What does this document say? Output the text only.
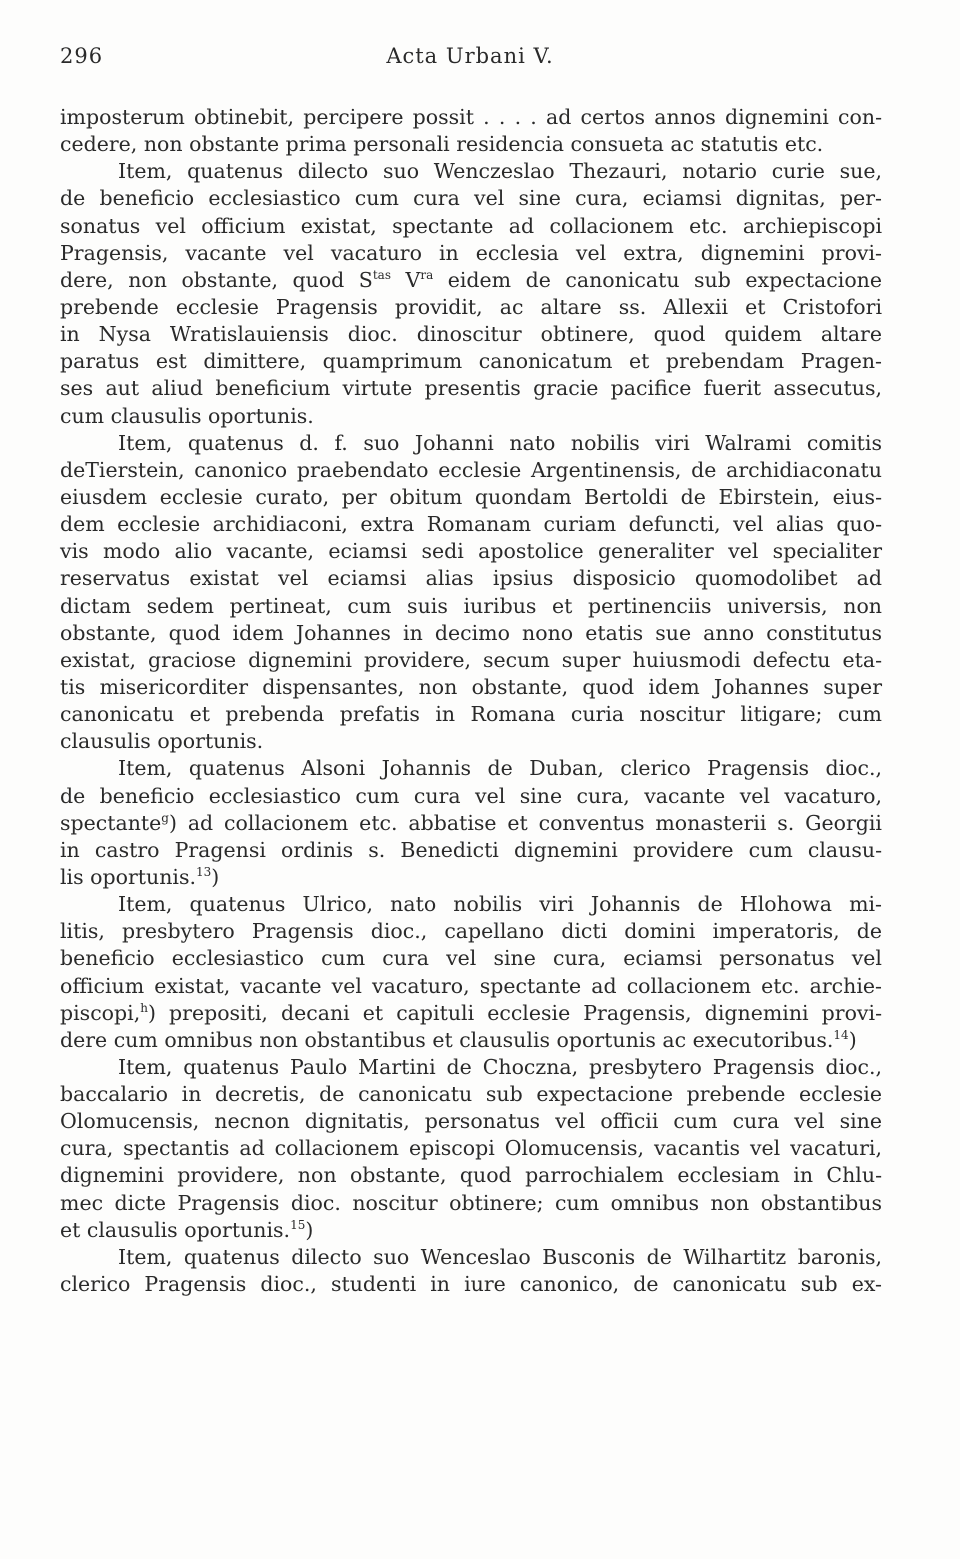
296	Acta Urbani V.
imposterum obtinebit, percipere possit . . . . ad certos annos dignemini con-
cedere, non obstante prima personali residencia consueta ac statutis etc.
Item, quatenus dilecto suo Wenczeslao Thezauri, notario curie sue,
de beneficio ecclesiastico cum cura vel sine cura, eciamsi dignitas, per-
sonatus vel officium existat, spectante ad collacionem etc. archiepiscopi
Pragensis, vacante vel vacaturo in ecclesia vel extra, dignemini provi-
dere, non obstante, quod $S^{tas}$ $V^{ra}$ eidem de canonicatu sub expectacione
prebende ecclesie Pragensis providit, ac altare ss. Allexii et Cristofori
in Nysa Wratislauiensis dioc. dinoscitur obtinere, quod quidem altare
paratus est dimittere, quamprimum canonicatum et prebendam Pragen-
ses aut aliud beneficium virtute presentis gracie pacifice fuerit assecutus,
cum clausulis oportunis.
Item, quatenus d. f. suo Johanni nato nobilis viri Walrami comitis
deTierstein, canonico praebendato ecclesie Argentinensis, de archidiaconatu
eiusdem ecclesie curato, per obitum quondam Bertoldi de Ebirstein, eius-
dem ecclesie archidiaconi, extra Romanam curiam defuncti, vel alias quo-
vis modo alio vacante, eciamsi sedi apostolice generaliter vel specialiter
reservatus existat vel eciamsi alias ipsius disposicio quomodolibet ad
dictam sedem pertineat, cum suis iuribus et pertinenciis universis, non
obstante, quod idem Johannes in decimo nono etatis sue anno constitutus
existat, graciose dignemini providere, secum super huiusmodi defectu eta-
tis misericorditer dispensantes, non obstante, quod idem Johannes super
canonicatu et prebenda prefatis in Romana curia noscitur litigare; cum
clausulis oportunis.
Item, quatenus Alsoni Johannis de Duban, clerico Pragensis dioc.,
de beneficio ecclesiastico cum cura vel sine cura, vacante vel vacaturo,
spectante$^g$) ad collacionem etc. abbatise et conventus monasterii s. Georgii
in castro Pragensi ordinis s. Benedicti dignemini providere cum clausu-
lis oportunis.$^{13}$)
Item, quatenus Ulrico, nato nobilis viri Johannis de Hlohowa mi-
litis, presbytero Pragensis dioc., capellano dicti domini imperatoris, de
beneficio ecclesiastico cum cura vel sine cura, eciamsi personatus vel
officium existat, vacante vel vacaturo, spectante ad collacionem etc. archie-
piscopi,$^h$) prepositi, decani et capituli ecclesie Pragensis, dignemini provi-
dere cum omnibus non obstantibus et clausulis oportunis ac executoribus.$^{14}$)
Item, quatenus Paulo Martini de Choczna, presbytero Pragensis dioc.,
baccalario in decretis, de canonicatu sub expectacione prebende ecclesie
Olomucensis, necnon dignitatis, personatus vel officii cum cura vel sine
cura, spectantis ad collacionem episcopi Olomucensis, vacantis vel vacaturi,
dignemini providere, non obstante, quod parrochialem ecclesiam in Chlu-
mec dicte Pragensis dioc. noscitur obtinere; cum omnibus non obstantibus
et clausulis oportunis.$^{15}$)
Item, quatenus dilecto suo Wenceslao Busconis de Wilhartitz baronis,
clerico Pragensis dioc., studenti in iure canonico, de canonicatu sub ex-
